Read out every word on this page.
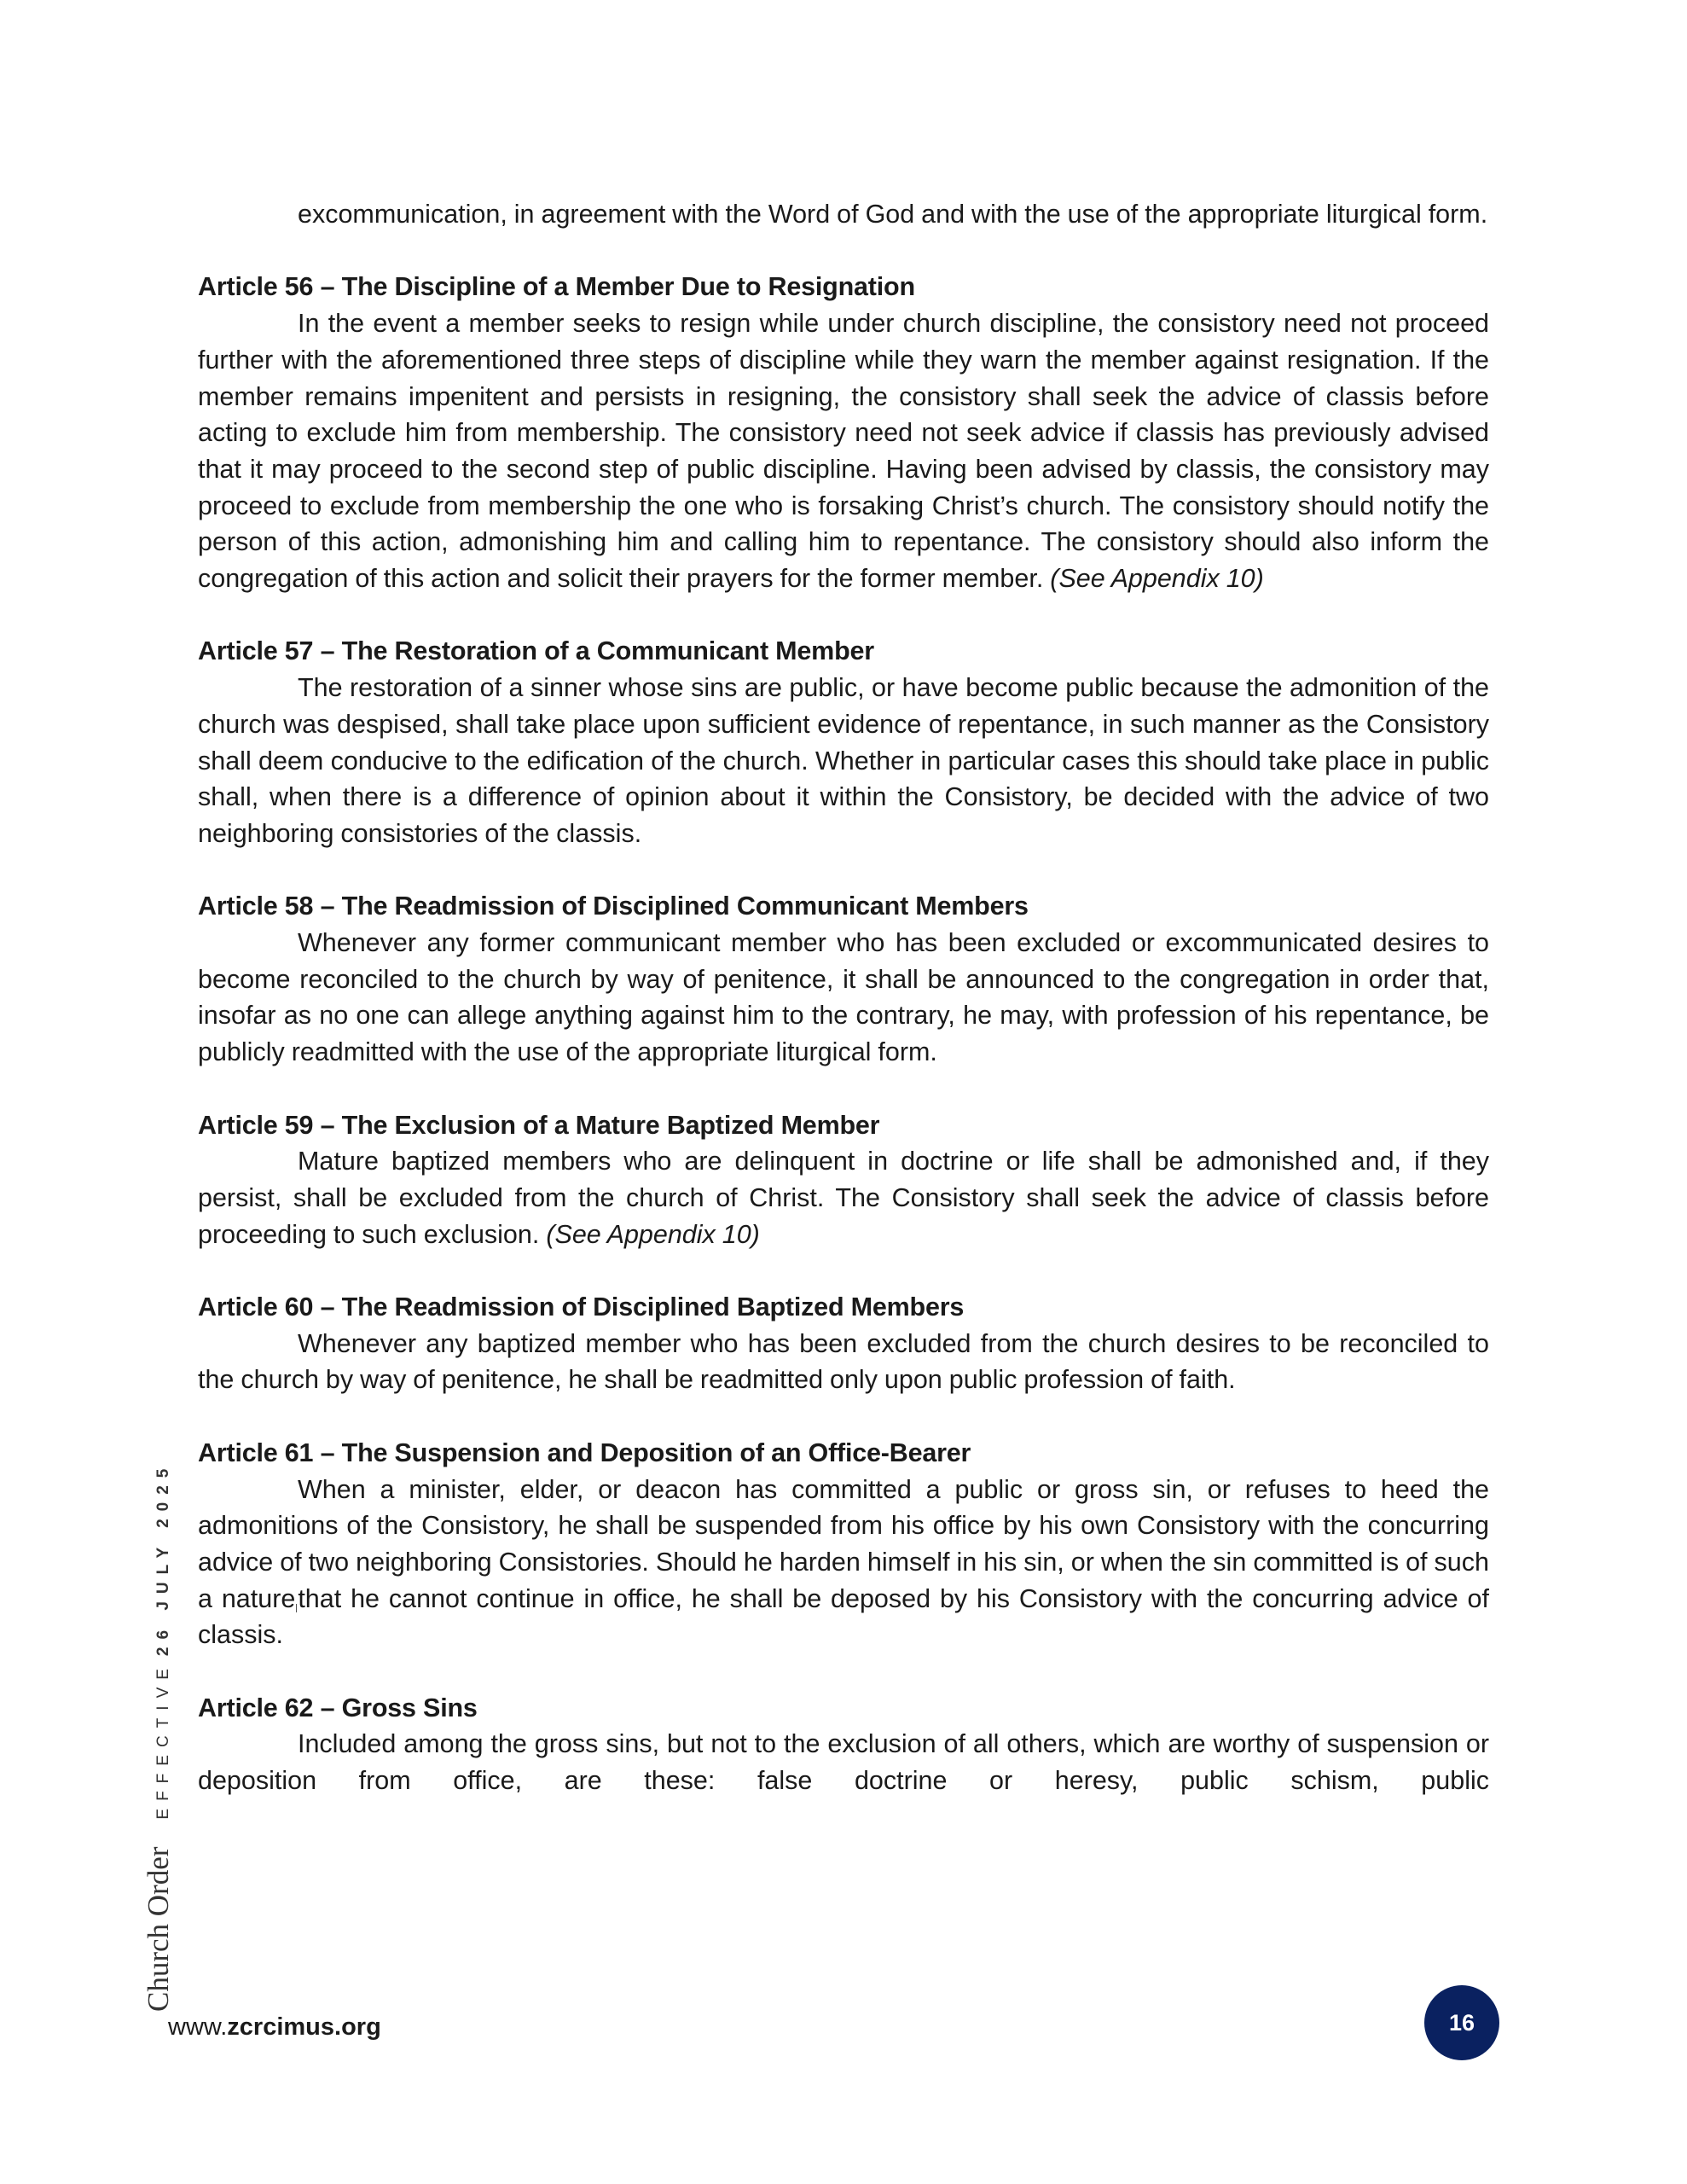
Church Order
EFFECTIVE
26 JULY 2025

excommunication, in agreement with the Word of God and with the use of the appropriate liturgical form.

Article 56 – The Discipline of a Member Due to Resignation

In the event a member seeks to resign while under church discipline, the consistory need not proceed further with the aforementioned three steps of discipline while they warn the member against resignation. If the member remains impenitent and persists in resigning, the consistory shall seek the advice of classis before acting to exclude him from membership. The consistory need not seek advice if classis has previously advised that it may proceed to the second step of public discipline. Having been advised by classis, the consistory may proceed to exclude from membership the one who is forsaking Christ’s church. The consistory should notify the person of this action, admonishing him and calling him to repentance. The consistory should also inform the congregation of this action and solicit their prayers for the former member. (See Appendix 10)

Article 57 – The Restoration of a Communicant Member

The restoration of a sinner whose sins are public, or have become public because the admonition of the church was despised, shall take place upon sufficient evidence of repentance, in such manner as the Consistory shall deem conducive to the edification of the church. Whether in particular cases this should take place in public shall, when there is a difference of opinion about it within the Consistory, be decided with the advice of two neighboring consistories of the classis.

Article 58 – The Readmission of Disciplined Communicant Members

Whenever any former communicant member who has been excluded or excommunicated desires to become reconciled to the church by way of penitence, it shall be announced to the congregation in order that, insofar as no one can allege anything against him to the contrary, he may, with profession of his repentance, be publicly readmitted with the use of the appropriate liturgical form.

Article 59 – The Exclusion of a Mature Baptized Member

Mature baptized members who are delinquent in doctrine or life shall be admonished and, if they persist, shall be excluded from the church of Christ. The Consistory shall seek the advice of classis before proceeding to such exclusion. (See Appendix 10)

Article 60 – The Readmission of Disciplined Baptized Members

Whenever any baptized member who has been excluded from the church desires to be reconciled to the church by way of penitence, he shall be readmitted only upon public profession of faith.

Article 61 – The Suspension and Deposition of an Office-Bearer

When a minister, elder, or deacon has committed a public or gross sin, or refuses to heed the admonitions of the Consistory, he shall be suspended from his office by his own Consistory with the concurring advice of two neighboring Consistories. Should he harden himself in his sin, or when the sin committed is of such a naturethat he cannot continue in office, he shall be deposed by his Consistory with the concurring advice of classis.

Article 62 – Gross Sins

Included among the gross sins, but not to the exclusion of all others, which are worthy of suspension or deposition from office, are these: false doctrine or heresy, public schism, public

www.zcrcimus.org	16
